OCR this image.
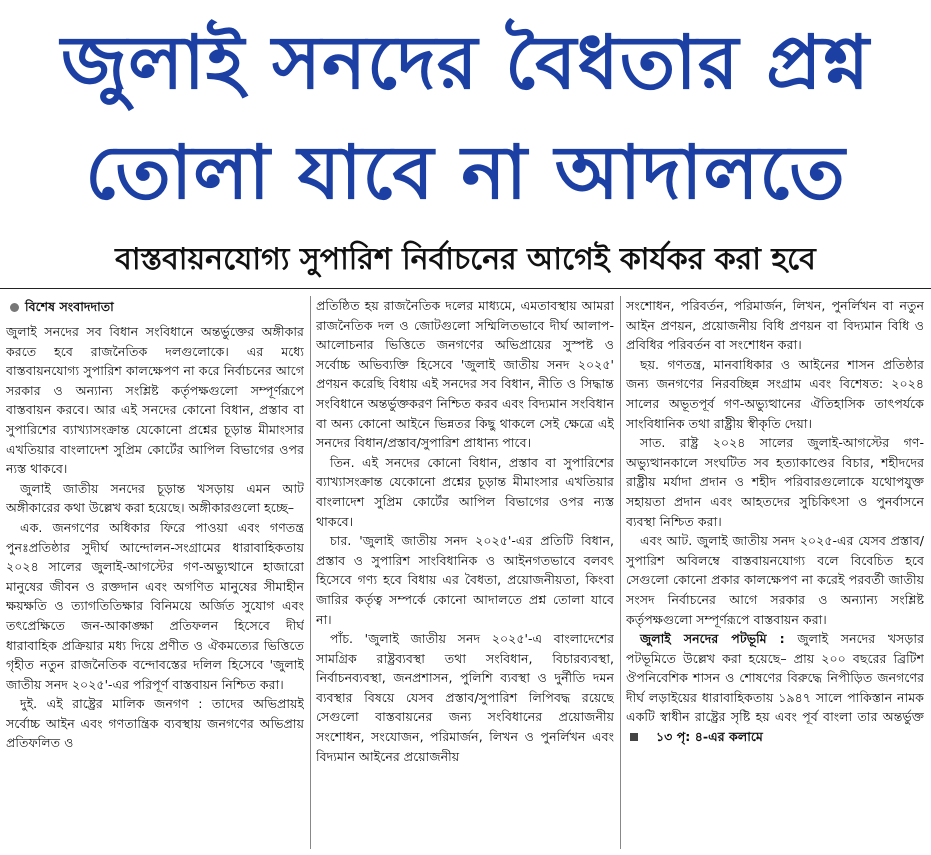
জুলাই সনদের বৈধতার প্রশ্ন
তোলা যাবে না আদালতে
বাস্তবায়নযোগ্য সুপারিশ নির্বাচনের আগেই কার্যকর করা হবে
বিশেষ সংবাদদাতা

জুলাই সনদের সব বিধান সংবিধানে অন্তর্ভুক্তের অঙ্গীকার করতে হবে রাজনৈতিক দলগুলোকে। এর মধ্যে বাস্তবায়নযোগ্য সুপারিশ কালক্ষেপণ না করে নির্বাচনের আগে সরকার ও অন্যান্য সংশ্লিষ্ট কর্তৃপক্ষগুলো সম্পূর্ণরূপে বাস্তবায়ন করবে। আর এই সনদের কোনো বিধান, প্রস্তাব বা সুপারিশের ব্যাখ্যাসংক্রান্ত যেকোনো প্রশ্নের চূড়ান্ত মীমাংসার এখতিয়ার বাংলাদেশ সুপ্রিম কোর্টের আপিল বিভাগের ওপর ন্যস্ত থাকবে।

জুলাই জাতীয় সনদের চূড়ান্ত খসড়ায় এমন আট অঙ্গীকারের কথা উল্লেখ করা হয়েছে। অঙ্গীকারগুলো হচ্ছে–

এক. জনগণের অধিকার ফিরে পাওয়া এবং গণতন্ত্র পুনঃপ্রতিষ্ঠার সুদীর্ঘ আন্দোলন-সংগ্রামের ধারাবাহিকতায় ২০২৪ সালের জুলাই-আগস্টের গণ-অভ্যুত্থানে হাজারো মানুষের জীবন ও রক্তদান এবং অগণিত মানুষের সীমাহীন ক্ষয়ক্ষতি ও ত্যাগতিতিক্ষার বিনিময়ে অর্জিত সুযোগ এবং তৎপ্রেক্ষিতে জন-আকাঙ্ক্ষা প্রতিফলন হিসেবে দীর্ঘ ধারাবাহিক প্রক্রিয়ার মধ্য দিয়ে প্রণীত ও ঐকমত্যের ভিত্তিতে গৃহীত নতুন রাজনৈতিক বন্দোবস্তের দলিল হিসেবে 'জুলাই জাতীয় সনদ ২০২৫'-এর পরিপূর্ণ বাস্তবায়ন নিশ্চিত করা।

দুই. এই রাষ্ট্রের মালিক জনগণ : তাদের অভিপ্রায়ই সর্বোচ্চ আইন এবং গণতান্ত্রিক ব্যবস্থায় জনগণের অভিপ্রায় প্রতিফলিত ও

প্রতিষ্ঠিত হয় রাজনৈতিক দলের মাধ্যমে, এমতাবস্থায় আমরা রাজনৈতিক দল ও জোটগুলো সম্মিলিতভাবে দীর্ঘ আলাপ-আলোচনার ভিত্তিতে জনগণের অভিপ্রায়ের সুস্পষ্ট ও সর্বোচ্চ অভিব্যক্তি হিসেবে 'জুলাই জাতীয় সনদ ২০২৫' প্রণয়ন করেছি বিধায় এই সনদের সব বিধান, নীতি ও সিদ্ধান্ত সংবিধানে অন্তর্ভুক্তকরণ নিশ্চিত করব এবং বিদ্যমান সংবিধান বা অন্য কোনো আইনে ভিন্নতর কিছু থাকলে সেই ক্ষেত্রে এই সনদের বিধান/প্রস্তাব/সুপারিশ প্রাধান্য পাবে।

তিন. এই সনদের কোনো বিধান, প্রস্তাব বা সুপারিশের ব্যাখ্যাসংক্রান্ত যেকোনো প্রশ্নের চূড়ান্ত মীমাংসার এখতিয়ার বাংলাদেশ সুপ্রিম কোর্টের আপিল বিভাগের ওপর ন্যস্ত থাকবে।

চার. 'জুলাই জাতীয় সনদ ২০২৫'-এর প্রতিটি বিধান, প্রস্তাব ও সুপারিশ সাংবিধানিক ও আইনগতভাবে বলবৎ হিসেবে গণ্য হবে বিধায় এর বৈধতা, প্রয়োজনীয়তা, কিংবা জারির কর্তৃত্ব সম্পর্কে কোনো আদালতে প্রশ্ন তোলা যাবে না।

পাঁচ. 'জুলাই জাতীয় সনদ ২০২৫'-এ বাংলাদেশের সামগ্রিক রাষ্ট্রব্যবস্থা তথা সংবিধান, বিচারব্যবস্থা, নির্বাচনব্যবস্থা, জনপ্রশাসন, পুলিশি ব্যবস্থা ও দুর্নীতি দমন ব্যবস্থার বিষয়ে যেসব প্রস্তাব/সুপারিশ লিপিবদ্ধ রয়েছে সেগুলো বাস্তবায়নের জন্য সংবিধানের প্রয়োজনীয় সংশোধন, সংযোজন, পরিমার্জন, লিখন ও পুনর্লিখন এবং বিদ্যমান আইনের প্রয়োজনীয়

সংশোধন, পরিবর্তন, পরিমার্জন, লিখন, পুনর্লিখন বা নতুন আইন প্রণয়ন, প্রয়োজনীয় বিধি প্রণয়ন বা বিদ্যমান বিধি ও প্রবিধির পরিবর্তন বা সংশোধন করা।

ছয়. গণতন্ত্র, মানবাধিকার ও আইনের শাসন প্রতিষ্ঠার জন্য জনগণের নিরবচ্ছিন্ন সংগ্রাম এবং বিশেষত: ২০২৪ সালের অভূতপূর্ব গণ-অভ্যুত্থানের ঐতিহাসিক তাৎপর্যকে সাংবিধানিক তথা রাষ্ট্রীয় স্বীকৃতি দেয়া।

সাত. রাষ্ট্র ২০২৪ সালের জুলাই-আগস্টের গণ-অভ্যুত্থানকালে সংঘটিত সব হত্যাকাণ্ডের বিচার, শহীদদের রাষ্ট্রীয় মর্যাদা প্রদান ও শহীদ পরিবারগুলোকে যথোপযুক্ত সহায়তা প্রদান এবং আহতদের সুচিকিৎসা ও পুনর্বাসনে ব্যবস্থা নিশ্চিত করা।

এবং আট. জুলাই জাতীয় সনদ ২০২৫-এর যেসব প্রস্তাব/সুপারিশ অবিলম্বে বাস্তবায়নযোগ্য বলে বিবেচিত হবে সেগুলো কোনো প্রকার কালক্ষেপণ না করেই পরবর্তী জাতীয় সংসদ নির্বাচনের আগে সরকার ও অন্যান্য সংশ্লিষ্ট কর্তৃপক্ষগুলো সম্পূর্ণরূপে বাস্তবায়ন করা।

জুলাই সনদের পটভূমি : জুলাই সনদের খসড়ার পটভূমিতে উল্লেখ করা হয়েছে– প্রায় ২০০ বছরের ব্রিটিশ ঔপনিবেশিক শাসন ও শোষণের বিরুদ্ধে নিপীড়িত জনগণের দীর্ঘ লড়াইয়ের ধারাবাহিকতায় ১৯৪৭ সালে পাকিস্তান নামক একটি স্বাধীন রাষ্ট্রের সৃষ্টি হয় এবং পূর্ব বাংলা তার অন্তর্ভুক্ত
১৩ পৃ: ৪-এর কলামে
